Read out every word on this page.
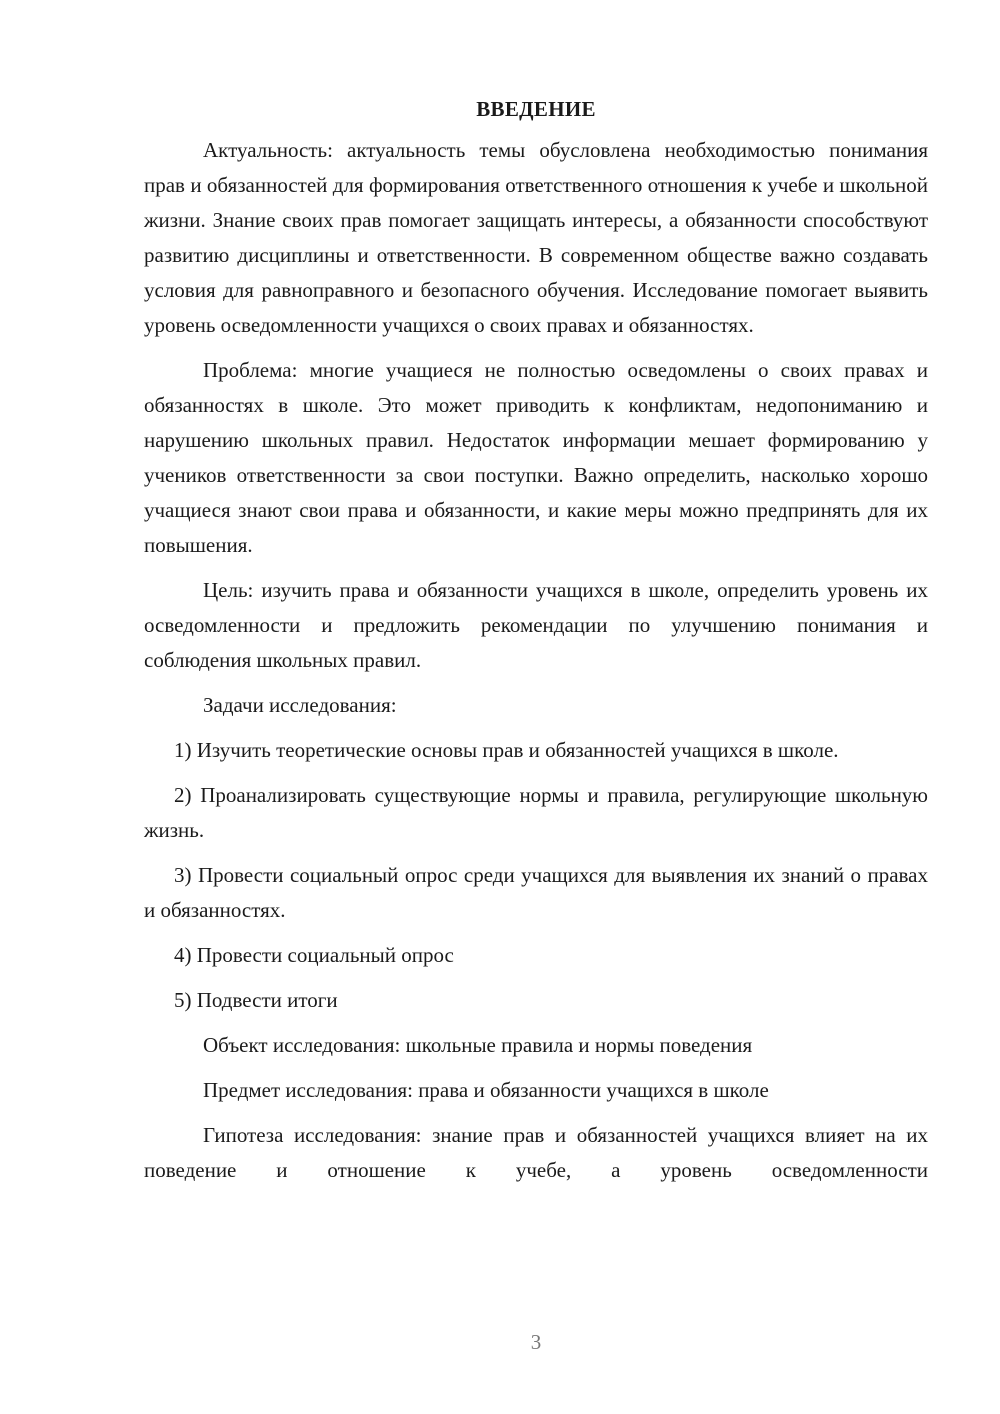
ВВЕДЕНИЕ

Актуальность: актуальность темы обусловлена необходимостью понимания прав и обязанностей для формирования ответственного отношения к учебе и школьной жизни. Знание своих прав помогает защищать интересы, а обязанности способствуют развитию дисциплины и ответственности. В современном обществе важно создавать условия для равноправного и безопасного обучения. Исследование помогает выявить уровень осведомленности учащихся о своих правах и обязанностях.

Проблема: многие учащиеся не полностью осведомлены о своих правах и обязанностях в школе. Это может приводить к конфликтам, недопониманию и нарушению школьных правил. Недостаток информации мешает формированию у учеников ответственности за свои поступки. Важно определить, насколько хорошо учащиеся знают свои права и обязанности, и какие меры можно предпринять для их повышения.

Цель: изучить права и обязанности учащихся в школе, определить уровень их осведомленности и предложить рекомендации по улучшению понимания и соблюдения школьных правил.

Задачи исследования:

1) Изучить теоретические основы прав и обязанностей учащихся в школе.

2) Проанализировать существующие нормы и правила, регулирующие школьную жизнь.

3) Провести социальный опрос среди учащихся для выявления их знаний о правах и обязанностях.

4) Провести социальный опрос

5) Подвести итоги

Объект исследования: школьные правила и нормы поведения

Предмет исследования: права и обязанности учащихся в школе

Гипотеза исследования: знание прав и обязанностей учащихся влияет на их поведение и отношение к учебе, а уровень осведомленности

3
